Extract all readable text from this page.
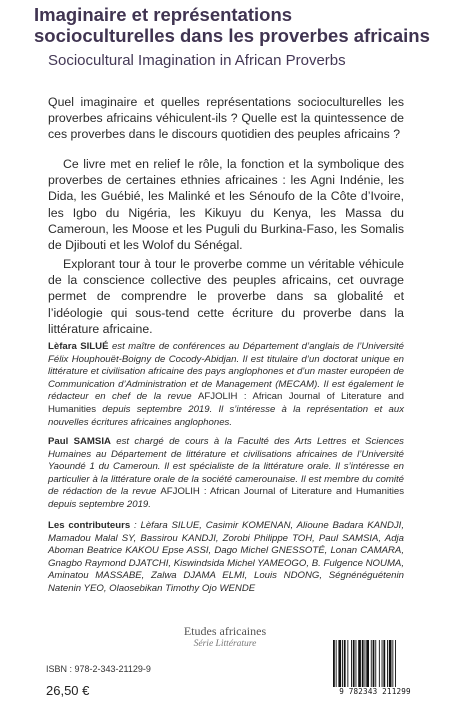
Imaginaire et représentations socioculturelles dans les proverbes africains

Sociocultural Imagination in African Proverbs

Quel imaginaire et quelles représentations socioculturelles les proverbes africains véhiculent-ils ? Quelle est la quintessence de ces proverbes dans le discours quotidien des peuples africains ?

Ce livre met en relief le rôle, la fonction et la symbolique des proverbes de certaines ethnies africaines : les Agni Indénie, les Dida, les Guébié, les Malinké et les Sénoufo de la Côte d’Ivoire, les Igbo du Nigéria, les Kikuyu du Kenya, les Massa du Cameroun, les Moose et les Puguli du Burkina-Faso, les Somalis de Djibouti et les Wolof du Sénégal.

Explorant tour à tour le proverbe comme un véritable véhicule de la conscience collective des peuples africains, cet ouvrage permet de comprendre le proverbe dans sa globalité et l’idéologie qui sous-tend cette écriture du proverbe dans la littérature africaine.

Lèfara SILUÉ est maître de conférences au Département d’anglais de l’Université Félix Houphouët-Boigny de Cocody-Abidjan. Il est titulaire d’un doctorat unique en littérature et civilisation africaine des pays anglophones et d’un master européen de Communication d’Administration et de Management (MECAM). Il est également le rédacteur en chef de la revue AFJOLIH : African Journal of Literature and Humanities depuis septembre 2019. Il s’intéresse à la représentation et aux nouvelles écritures africaines anglophones.

Paul SAMSIA est chargé de cours à la Faculté des Arts Lettres et Sciences Humaines au Département de littérature et civilisations africaines de l’Université Yaoundé 1 du Cameroun. Il est spécialiste de la littérature orale. Il s’intéresse en particulier à la littérature orale de la société camerounaise. Il est membre du comité de rédaction de la revue AFJOLIH : African Journal of Literature and Humanities depuis septembre 2019.

Les contributeurs : Lèfara SILUE, Casimir KOMENAN, Alioune Badara KANDJI, Mamadou Malal SY, Bassirou KANDJI, Zorobi Philippe TOH, Paul SAMSIA, Adja Aboman Beatrice KAKOU Epse ASSI, Dago Michel GNESSOTÉ, Lonan CAMARA, Gnagbo Raymond DJATCHI, Kiswindsida Michel YAMEOGO, B. Fulgence NOUMA, Aminatou MASSABE, Zalwa DJAMA ELMI, Louis NDONG, Ségnénéguétenin Natenin YEO, Olaosebikan Timothy Ojo WENDE

Etudes africaines
Série Littérature

ISBN : 978-2-343-21129-9

26,50 €	9 782343 211299
